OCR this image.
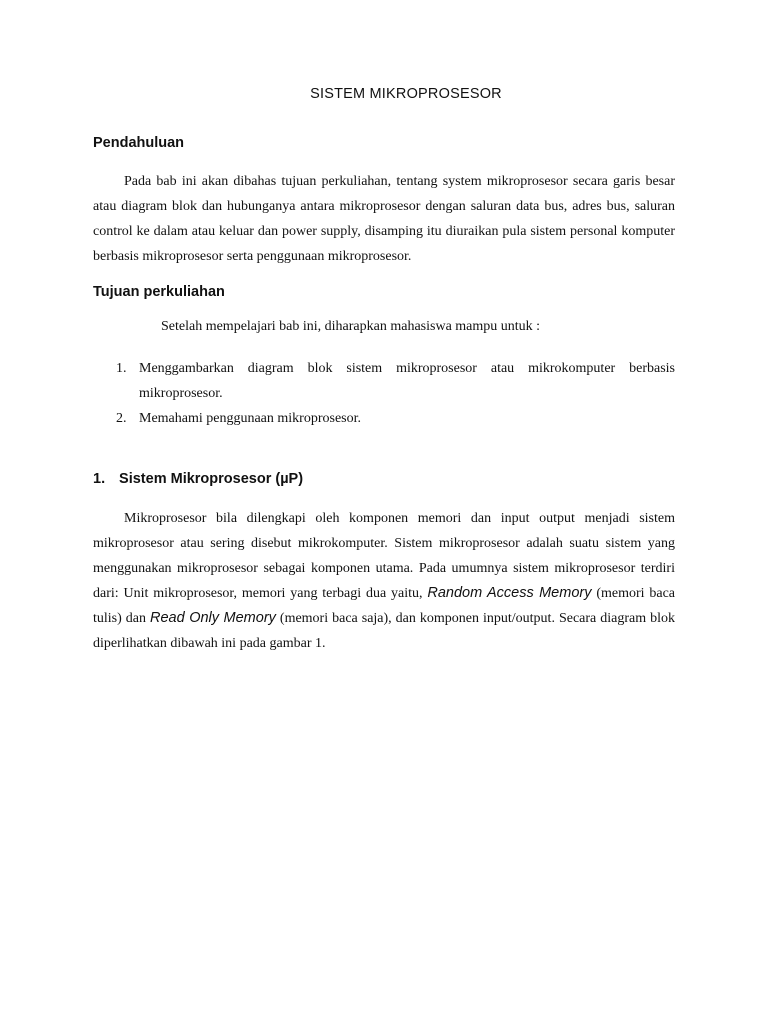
SISTEM MIKROPROSESOR
Pendahuluan

Pada bab ini akan dibahas tujuan perkuliahan, tentang system mikroprosesor secara garis besar atau diagram blok dan hubunganya antara mikroprosesor dengan saluran data bus, adres bus, saluran control ke dalam atau keluar dan power supply, disamping itu diuraikan pula sistem personal komputer berbasis mikroprosesor serta penggunaan mikroprosesor.

Tujuan perkuliahan

Setelah mempelajari bab ini, diharapkan mahasiswa mampu untuk :

1. Menggambarkan diagram blok sistem mikroprosesor atau mikrokomputer berbasis mikroprosesor.
2. Memahami penggunaan mikroprosesor.
1. Sistem Mikroprosesor (µP)

Mikroprosesor bila dilengkapi oleh komponen memori dan input output menjadi sistem mikroprosesor atau sering disebut mikrokomputer. Sistem mikroprosesor adalah suatu sistem yang menggunakan mikroprosesor sebagai komponen utama. Pada umumnya sistem mikroprosesor terdiri dari: Unit mikroprosesor, memori yang terbagi dua yaitu, Random Access Memory (memori baca tulis) dan Read Only Memory (memori baca saja), dan komponen input/output. Secara diagram blok diperlihatkan dibawah ini pada gambar 1.
